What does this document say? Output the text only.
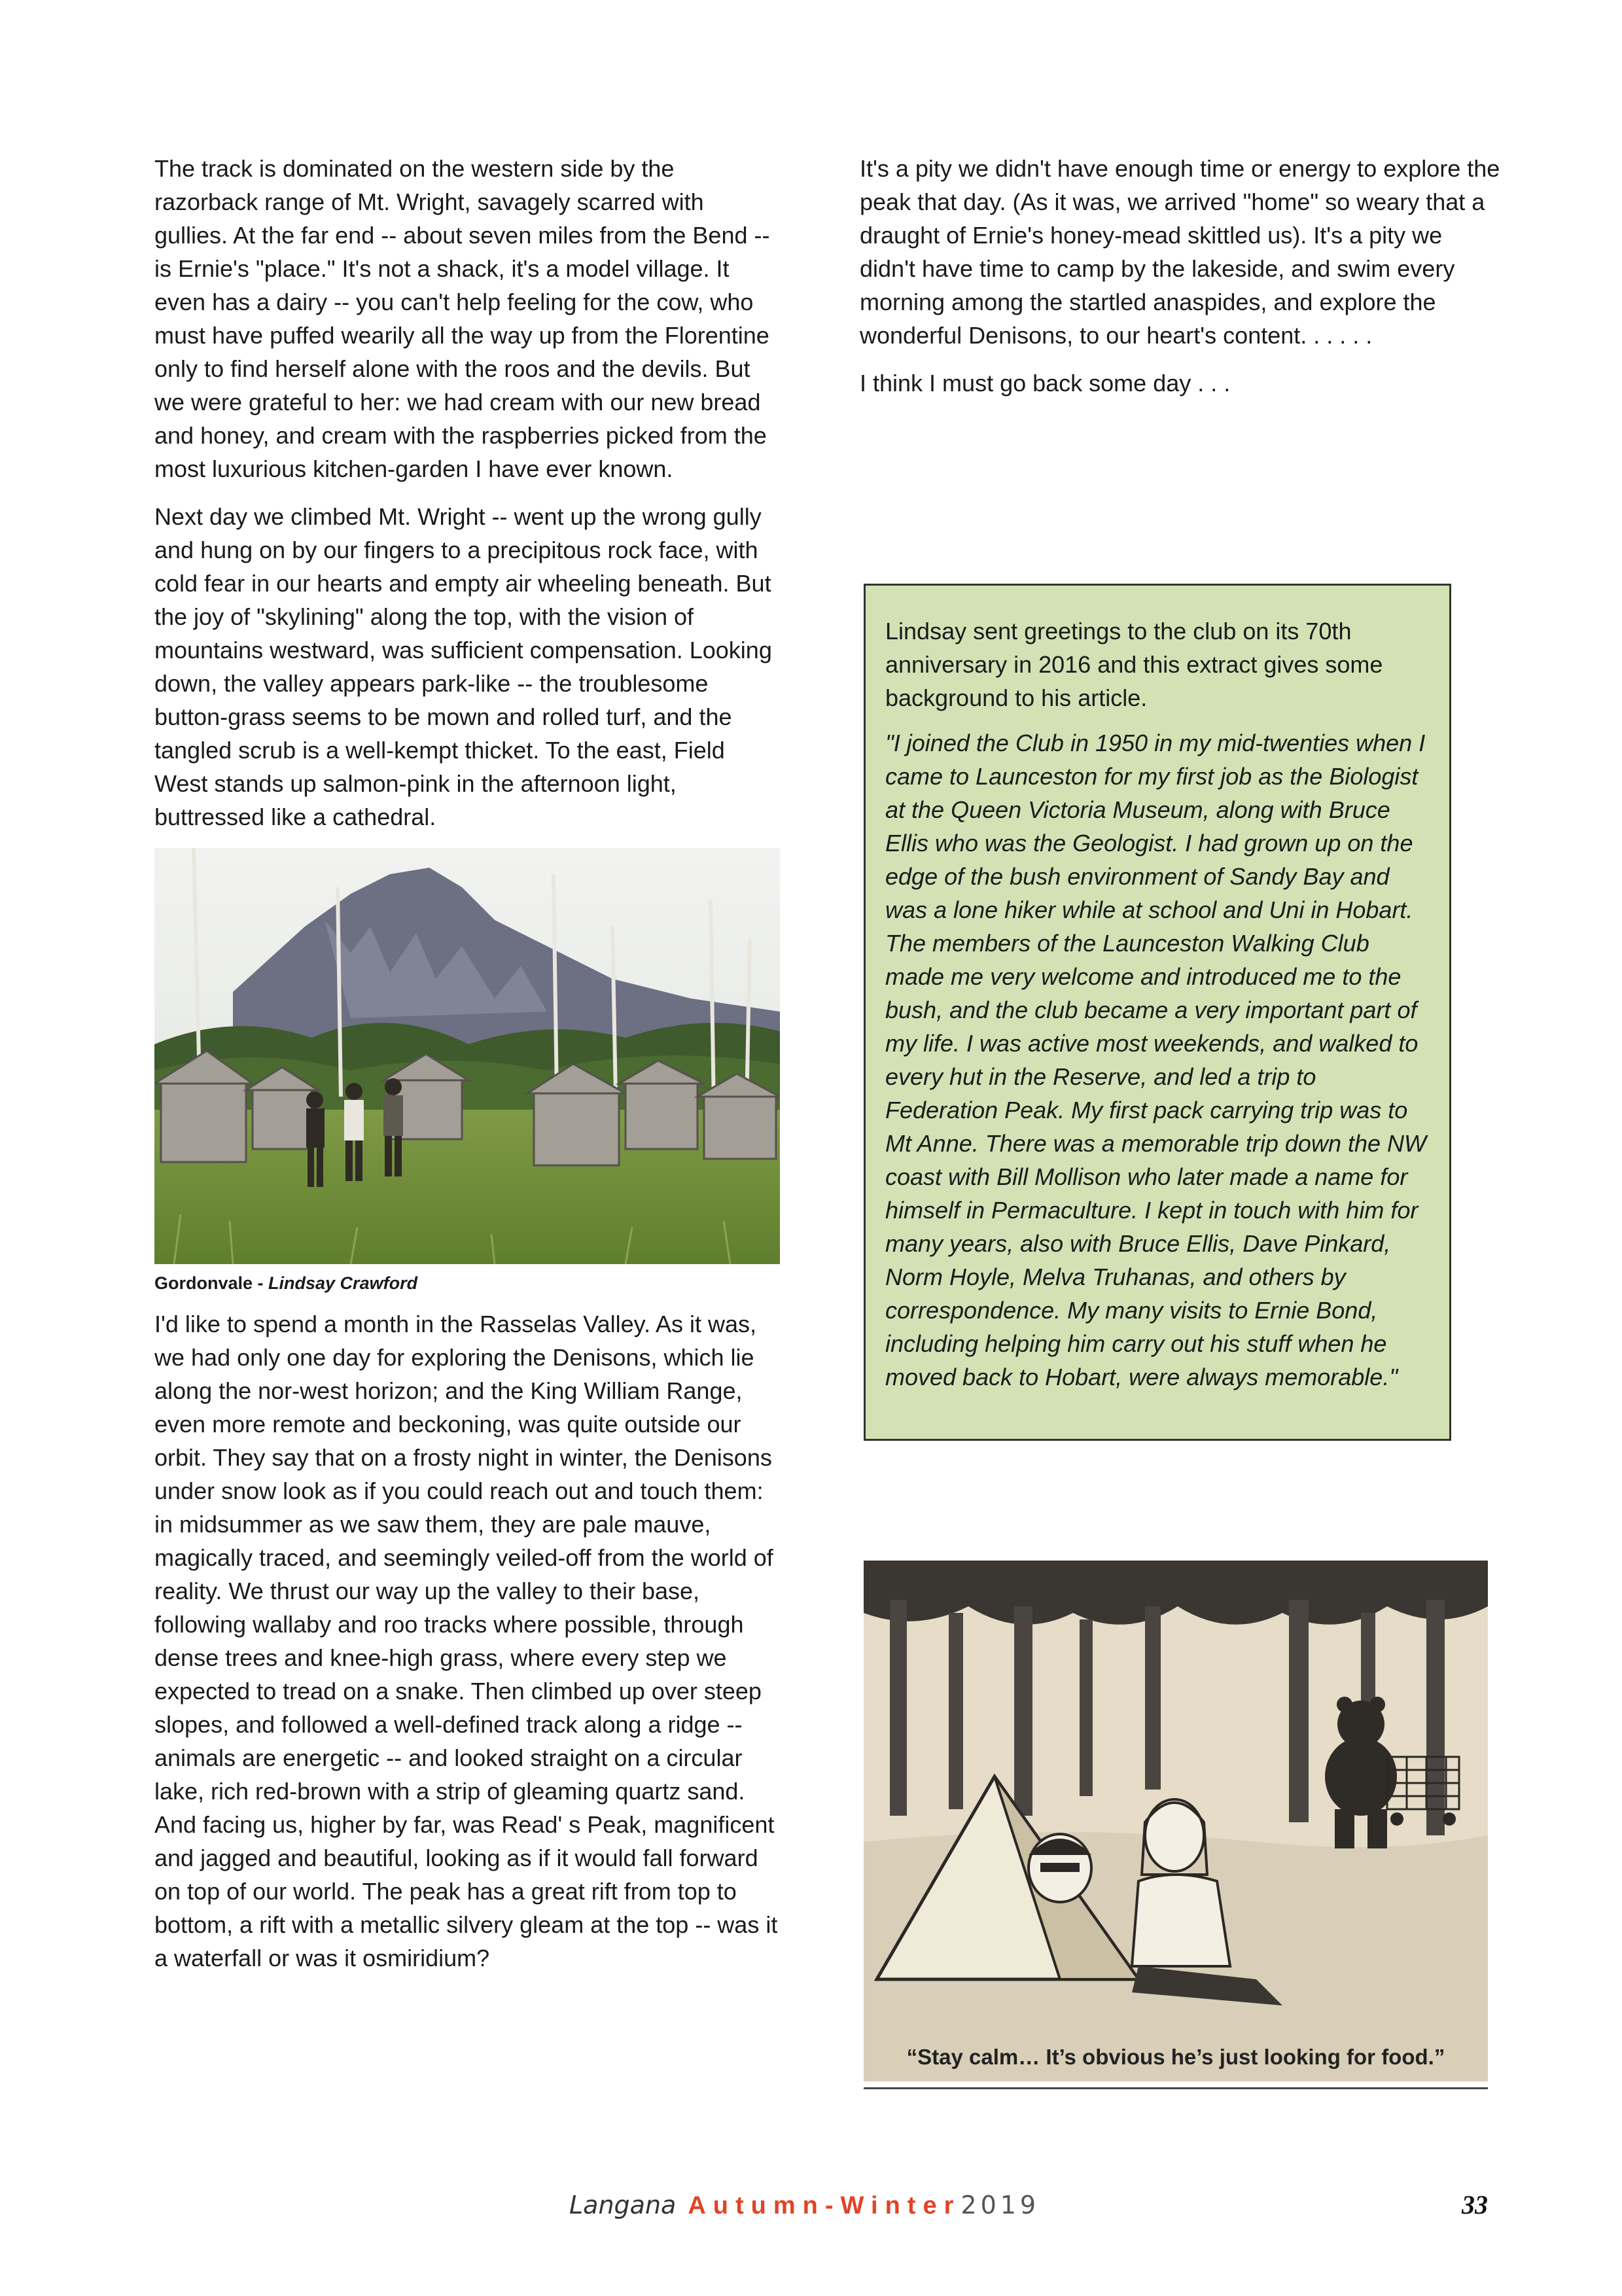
The track is dominated on the western side by the razorback range of Mt. Wright, savagely scarred with gullies. At the far end -- about seven miles from the Bend -- is Ernie's "place." It's not a shack, it's a model village. It even has a dairy -- you can't help feeling for the cow, who must have puffed wearily all the way up from the Florentine only to find herself alone with the roos and the devils. But we were grateful to her: we had cream with our new bread and honey, and cream with the raspberries picked from the most luxurious kitchen-garden I have ever known.

Next day we climbed Mt. Wright -- went up the wrong gully and hung on by our fingers to a precipitous rock face, with cold fear in our hearts and empty air wheeling beneath. But the joy of "skylining" along the top, with the vision of mountains westward, was sufficient compensation. Looking down, the valley appears park-like -- the troublesome button-grass seems to be mown and rolled turf, and the tangled scrub is a well-kempt thicket. To the east, Field West stands up salmon-pink in the afternoon light, buttressed like a cathedral.

Gordonvale - Lindsay Crawford

I'd like to spend a month in the Rasselas Valley. As it was, we had only one day for exploring the Denisons, which lie along the nor-west horizon; and the King William Range, even more remote and beckoning, was quite outside our orbit. They say that on a frosty night in winter, the Denisons under snow look as if you could reach out and touch them: in midsummer as we saw them, they are pale mauve, magically traced, and seemingly veiled-off from the world of reality. We thrust our way up the valley to their base, following wallaby and roo tracks where possible, through dense trees and knee-high grass, where every step we expected to tread on a snake. Then climbed up over steep slopes, and followed a well-defined track along a ridge -- animals are energetic -- and looked straight on a circular lake, rich red-brown with a strip of gleaming quartz sand. And facing us, higher by far, was Read' s Peak, magnificent and jagged and beautiful, looking as if it would fall forward on top of our world. The peak has a great rift from top to bottom, a rift with a metallic silvery gleam at the top -- was it a waterfall or was it osmiridium?

It's a pity we didn't have enough time or energy to explore the peak that day. (As it was, we arrived "home" so weary that a draught of Ernie's honey-mead skittled us). It's a pity we didn't have time to camp by the lakeside, and swim every morning among the startled anaspides, and explore the wonderful Denisons, to our heart's content. . . . . .

I think I must go back some day . . .

Lindsay sent greetings to the club on its 70th anniversary in 2016 and this extract gives some background to his article.

"I joined the Club in 1950 in my mid-twenties when I came to Launceston for my first job as the Biologist at the Queen Victoria Museum, along with Bruce Ellis who was the Geologist. I had grown up on the edge of the bush environment of Sandy Bay and was a lone hiker while at school and Uni in Hobart. The members of the Launceston Walking Club made me very welcome and introduced me to the bush, and the club became a very important part of my life. I was active most weekends, and walked to every hut in the Reserve, and led a trip to Federation Peak. My first pack carrying trip was to Mt Anne. There was a memorable trip down the NW coast with Bill Mollison who later made a name for himself in Permaculture. I kept in touch with him for many years, also with Bruce Ellis, Dave Pinkard, Norm Hoyle, Melva Truhanas, and others by correspondence. My many visits to Ernie Bond, including helping him carry out his stuff when he moved back to Hobart, were always memorable."

“Stay calm… It’s obvious he’s just looking for food.”
Langana Autumn-Winter2019	33
